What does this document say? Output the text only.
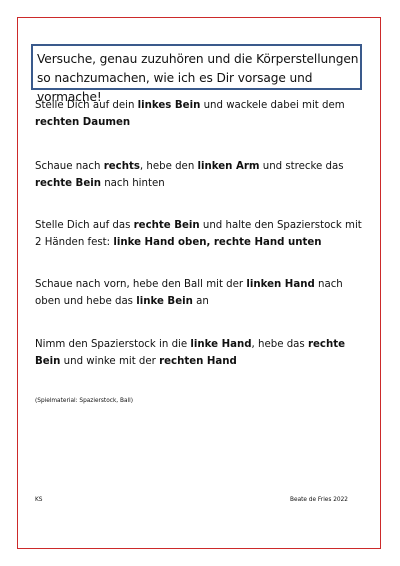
Versuche, genau zuzuhören und die Körperstellungen so nachzumachen, wie ich es Dir vorsage und vormache!

Stelle Dich auf dein linkes Bein und wackele dabei mit dem rechten Daumen

Schaue nach rechts, hebe den linken Arm und strecke das rechte Bein nach hinten

Stelle Dich auf das rechte Bein und halte den Spazierstock mit 2 Händen fest: linke Hand oben, rechte Hand unten

Schaue nach vorn, hebe den Ball mit der linken Hand nach oben und hebe das linke Bein an

Nimm den Spazierstock in die linke Hand, hebe das rechte Bein und winke mit der rechten Hand

(Spielmaterial: Spazierstock, Ball)
KS	Beate de Fries 2022
